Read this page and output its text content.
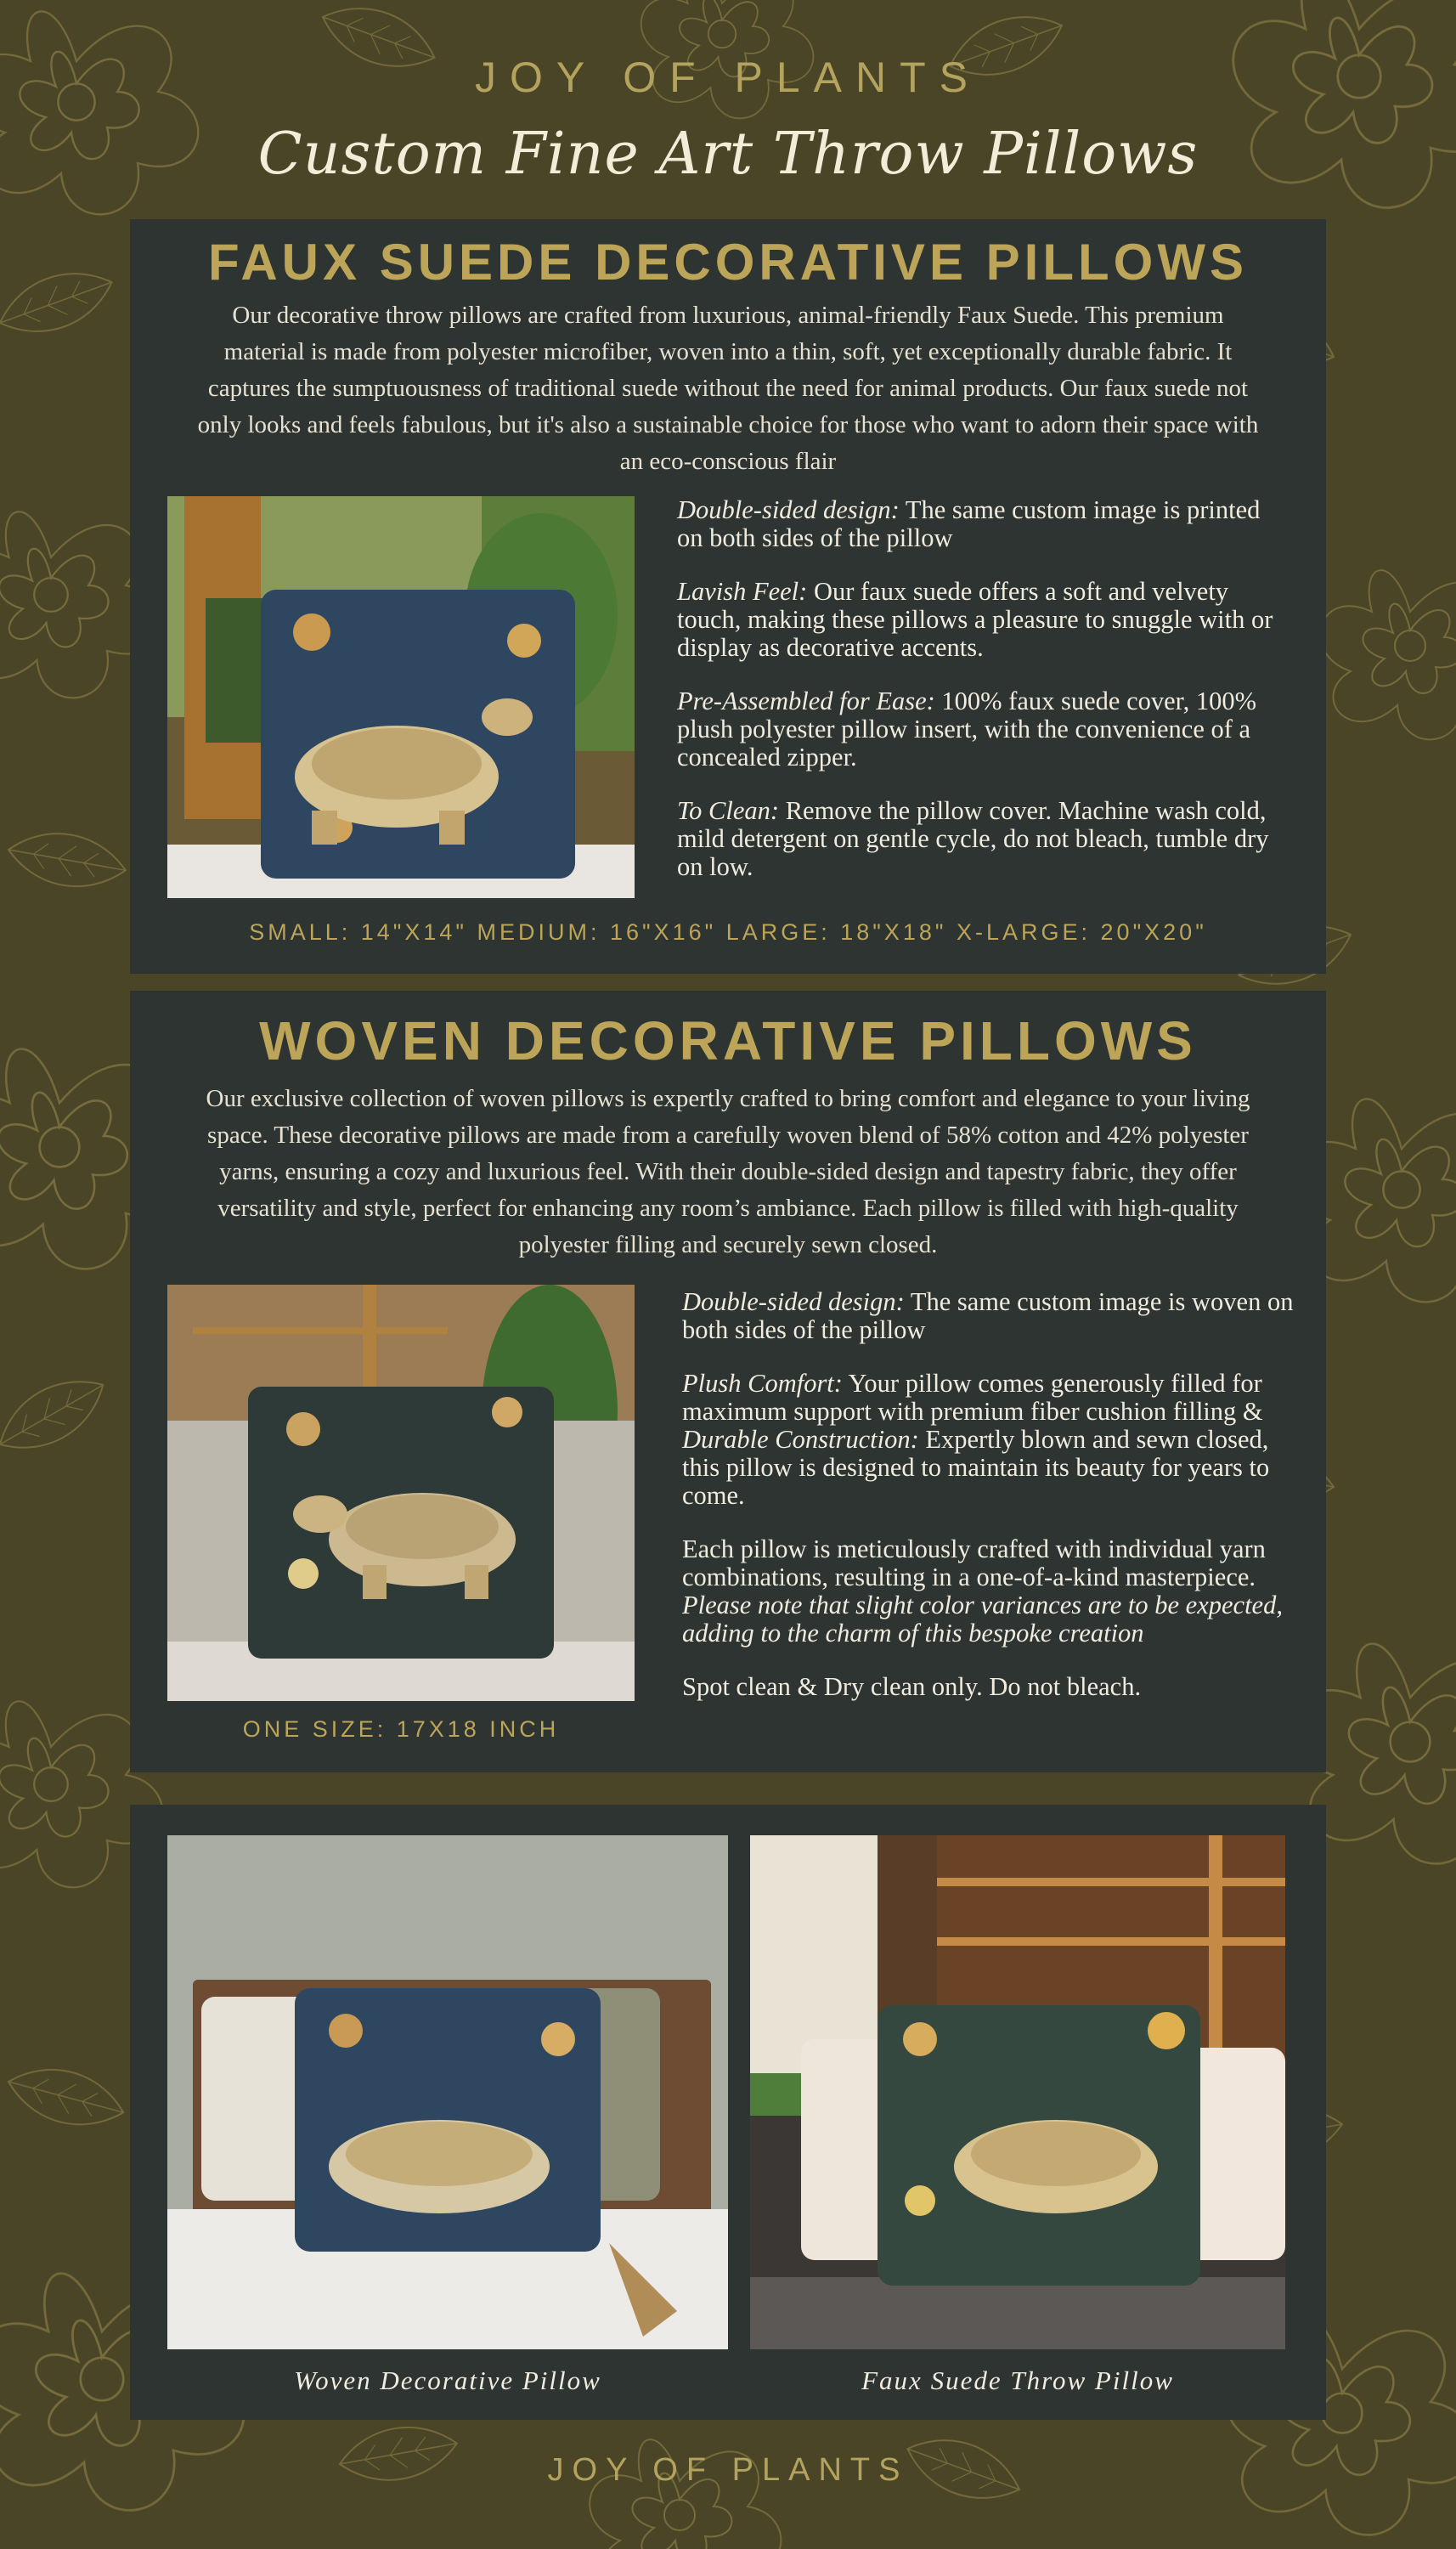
JOY OF PLANTS
Custom Fine Art Throw Pillows
FAUX SUEDE DECORATIVE PILLOWS

Our decorative throw pillows are crafted from luxurious, animal-friendly Faux Suede. This premium material is made from polyester microfiber, woven into a thin, soft, yet exceptionally durable fabric. It captures the sumptuousness of traditional suede without the need for animal products. Our faux suede not only looks and feels fabulous, but it's also a sustainable choice for those who want to adorn their space with an eco-conscious flair

Double-sided design: The same custom image is printed on both sides of the pillow

Lavish Feel: Our faux suede offers a soft and velvety touch, making these pillows a pleasure to snuggle with or display as decorative accents.

Pre-Assembled for Ease: 100% faux suede cover, 100% plush polyester pillow insert, with the convenience of a concealed zipper.

To Clean: Remove the pillow cover. Machine wash cold, mild detergent on gentle cycle, do not bleach, tumble dry on low.

SMALL: 14"X14" MEDIUM: 16"X16" LARGE: 18"X18" X-LARGE: 20"X20"
WOVEN DECORATIVE PILLOWS

Our exclusive collection of woven pillows is expertly crafted to bring comfort and elegance to your living space. These decorative pillows are made from a carefully woven blend of 58% cotton and 42% polyester yarns, ensuring a cozy and luxurious feel. With their double-sided design and tapestry fabric, they offer versatility and style, perfect for enhancing any room’s ambiance. Each pillow is filled with high-quality polyester filling and securely sewn closed.

Double-sided design: The same custom image is woven on both sides of the pillow

Plush Comfort: Your pillow comes generously filled for maximum support with premium fiber cushion filling & Durable Construction: Expertly blown and sewn closed, this pillow is designed to maintain its beauty for years to come.

Each pillow is meticulously crafted with individual yarn combinations, resulting in a one-of-a-kind masterpiece. Please note that slight color variances are to be expected, adding to the charm of this bespoke creation

Spot clean & Dry clean only. Do not bleach.

ONE SIZE: 17X18 INCH
Woven Decorative Pillow	Faux Suede Throw Pillow
JOY OF PLANTS
